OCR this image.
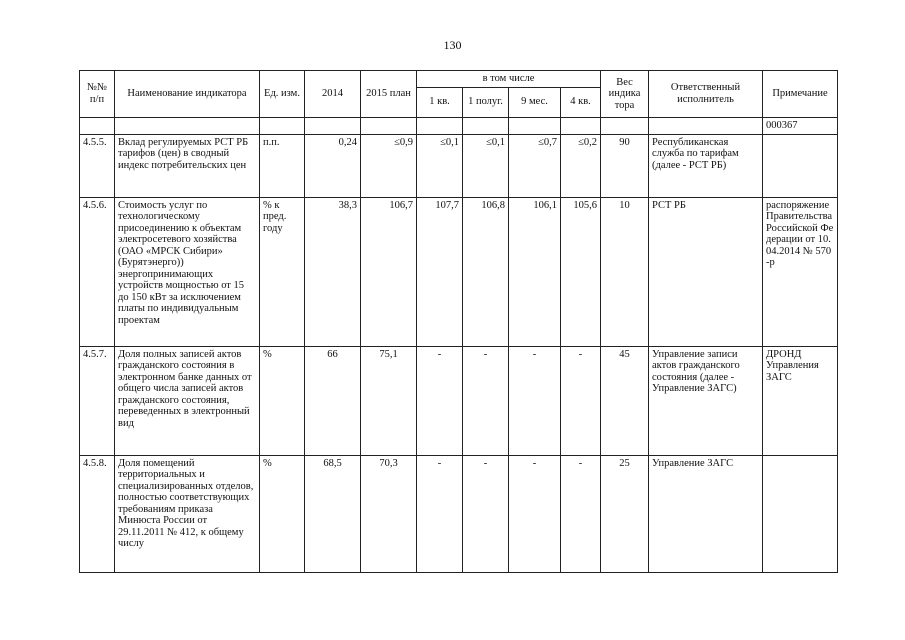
130
№№ п/п	Наименование индикатора	Ед. изм.	2014	2015 план	в том числе				Вес индика тора	Ответственный исполнитель	Примечание
					1 кв.	1 полуг.	9 мес.	4 кв.			
											000367
4.5.5.	Вклад регулируемых РСТ РБ тарифов (цен) в сводный индекс потребительских цен	п.п.	0,24	≤0,9	≤0,1	≤0,1	≤0,7	≤0,2	90	Республиканская служба по тарифам (далее - РСТ РБ)	
4.5.6.	Стоимость услуг по технологическому присоединению к объектам электросетевого хозяйства (ОАО «МРСК Сибири» (Бурятэнерго)) энергопринимающих устройств мощностью от 15 до 150 кВт за исключением платы по индивидуальным проектам	% к пред. году	38,3	106,7	107,7	106,8	106,1	105,6	10	РСТ РБ	распоряжение Правительства Российской Федерации от 10.04.2014 № 570-р
4.5.7.	Доля полных записей актов гражданского состояния в электронном банке данных от общего числа записей актов гражданского состояния, переведенных в электронный вид	%	66	75,1	-	-	-	-	45	Управление записи актов гражданского состояния (далее - Управление ЗАГС)	ДРОНД Управления ЗАГС
4.5.8.	Доля помещений территориальных и специализированных отделов, полностью соответствующих требованиям приказа Минюста России от 29.11.2011 № 412, к общему числу	%	68,5	70,3	-	-	-	-	25	Управление ЗАГС	
